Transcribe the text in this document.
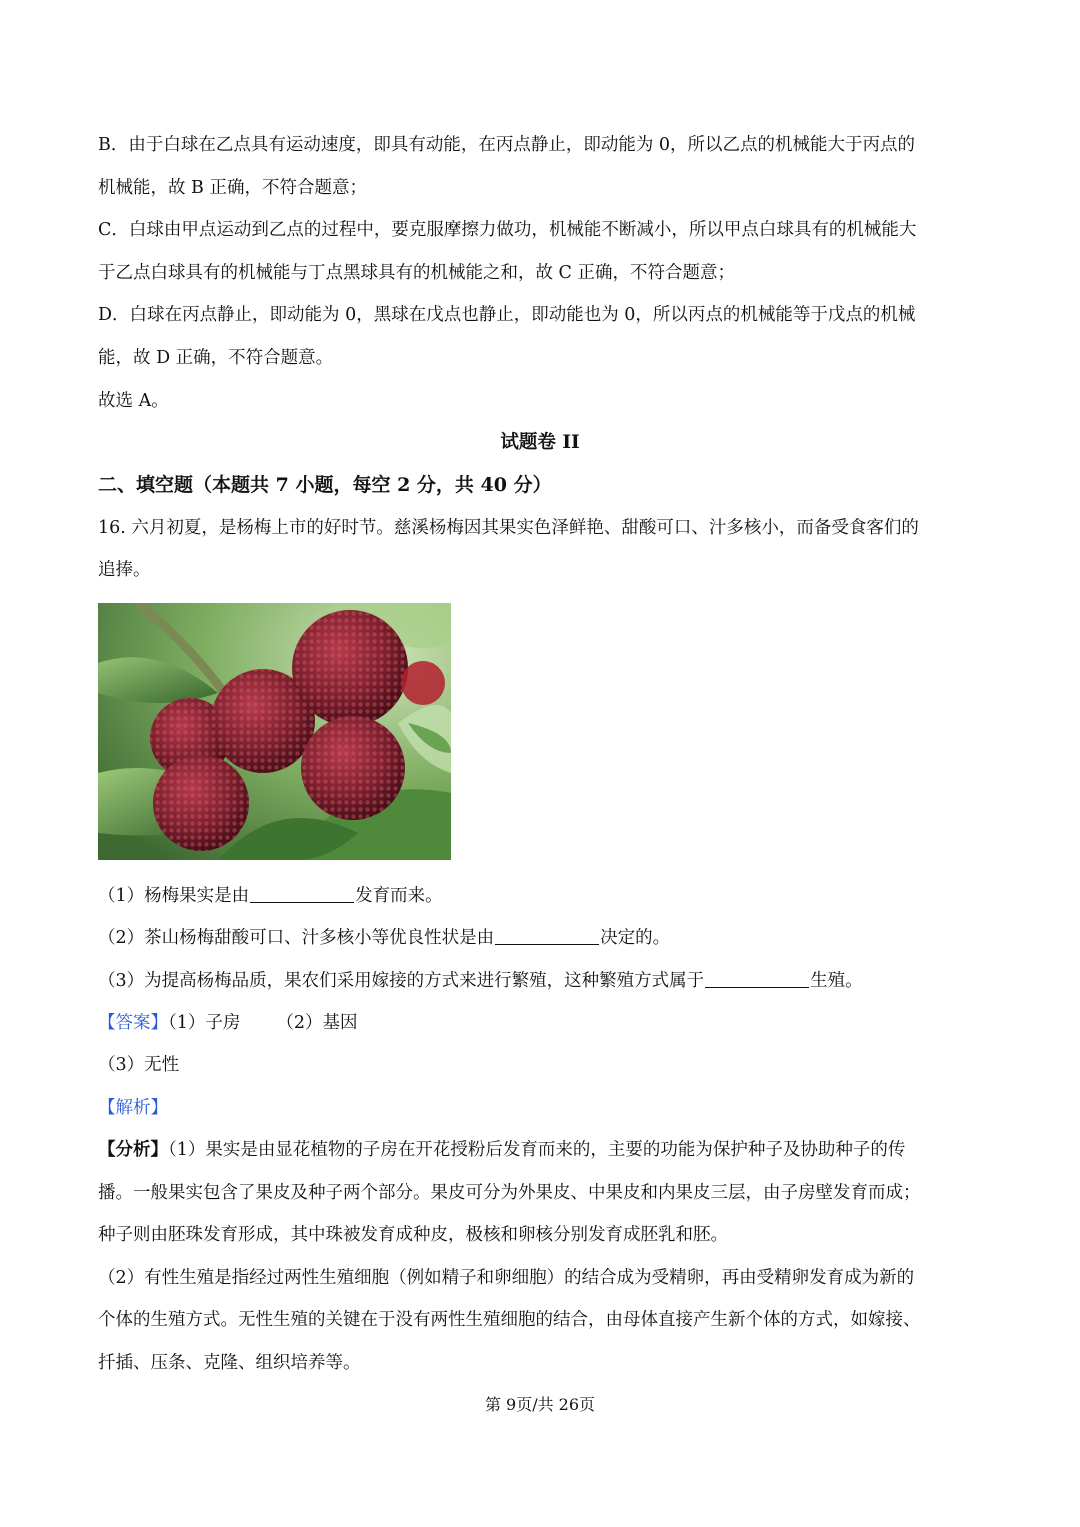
B．由于白球在乙点具有运动速度，即具有动能，在丙点静止，即动能为 0，所以乙点的机械能大于丙点的
机械能，故 B 正确，不符合题意；
C．白球由甲点运动到乙点的过程中，要克服摩擦力做功，机械能不断减小，所以甲点白球具有的机械能大
于乙点白球具有的机械能与丁点黑球具有的机械能之和，故 C 正确，不符合题意；
D．白球在丙点静止，即动能为 0，黑球在戊点也静止，即动能也为 0，所以丙点的机械能等于戊点的机械
能，故 D 正确，不符合题意。
故选 A。
试题卷 II
二、填空题（本题共 7 小题，每空 2 分，共 40 分）
16. 六月初夏，是杨梅上市的好时节。慈溪杨梅因其果实色泽鲜艳、甜酸可口、汁多核小，而备受食客们的
追捧。
（1）杨梅果实是由	发育而来。
（2）茶山杨梅甜酸可口、汁多核小等优良性状是由	决定的。
（3）为提高杨梅品质，果农们采用嫁接的方式来进行繁殖，这种繁殖方式属于	生殖。
【答案】（1）子房 （2）基因
（3）无性
【解析】
【分析】（1）果实是由显花植物的子房在开花授粉后发育而来的，主要的功能为保护种子及协助种子的传
播。一般果实包含了果皮及种子两个部分。果皮可分为外果皮、中果皮和内果皮三层，由子房壁发育而成；
种子则由胚珠发育形成，其中珠被发育成种皮，极核和卵核分别发育成胚乳和胚。
（2）有性生殖是指经过两性生殖细胞（例如精子和卵细胞）的结合成为受精卵，再由受精卵发育成为新的
个体的生殖方式。无性生殖的关键在于没有两性生殖细胞的结合，由母体直接产生新个体的方式，如嫁接、
扦插、压条、克隆、组织培养等。
第 9页/共 26页
